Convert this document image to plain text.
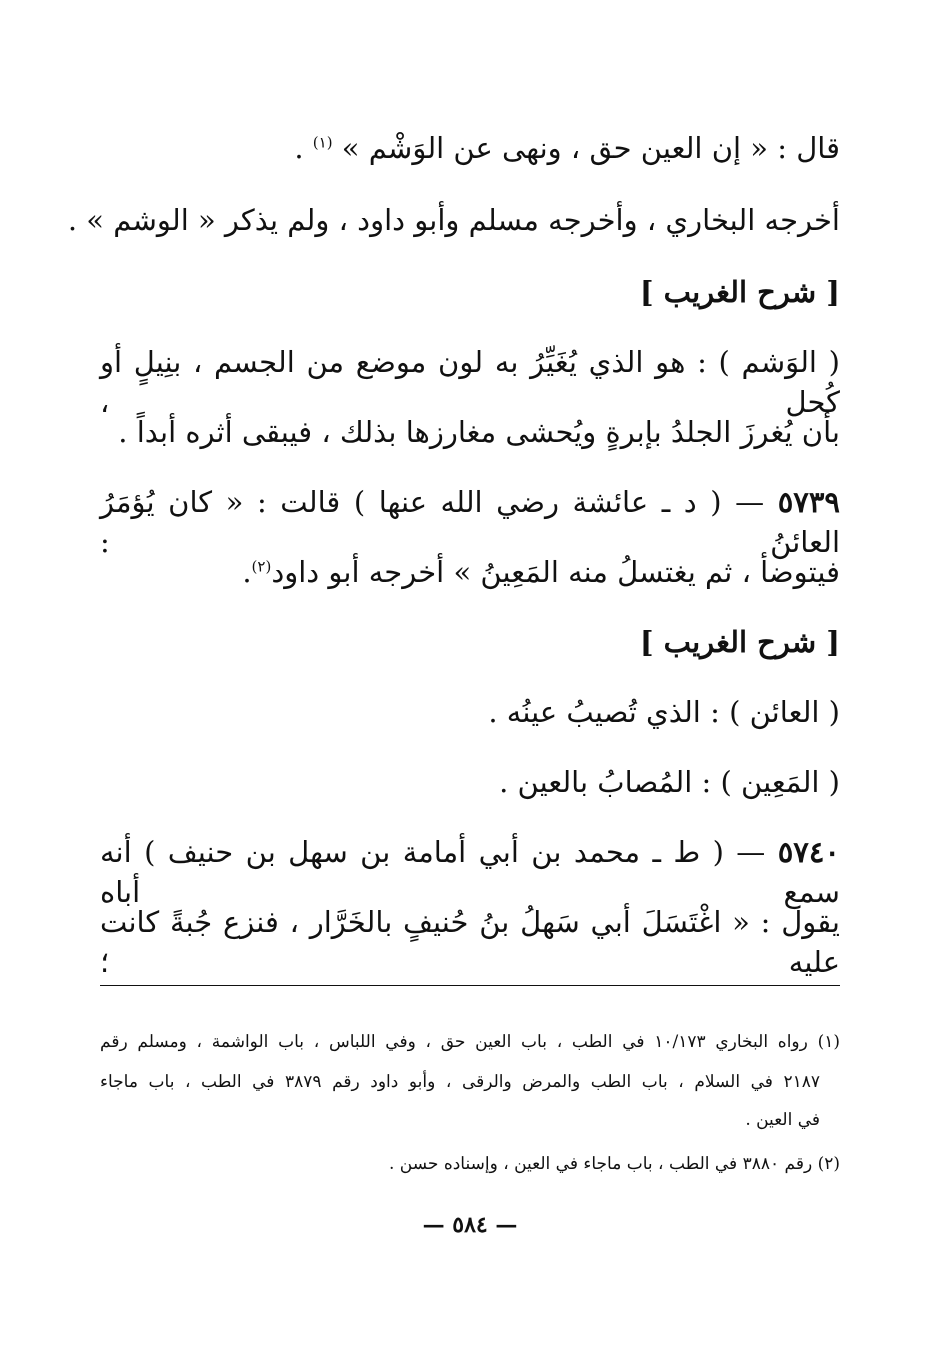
قال : « إن العين حق ، ونهى عن الوَشْم » $^{(١)}$ .
أخرجه البخاري ، وأخرجه مسلم وأبو داود ، ولم يذكر « الوشم » .
[ شرح الغريب ]
( الوَشم ) : هو الذي يُغَيِّرُ به لون موضع من الجسم ، بنِيلٍ أو كُحل ،
بأن يُغرزَ الجلدُ بإبرةٍ ويُحشى مغارزها بذلك ، فيبقى أثره أبداً .
٥٧٣٩ — ( د ـ عائشة رضي الله عنها ) قالت : « كان يُؤمَرُ العائنُ :
فيتوضأ ، ثم يغتسلُ منه المَعِينُ » أخرجه أبو داود$^{(٢)}$.
[ شرح الغريب ]
( العائن ) : الذي تُصيبُ عينُه .
( المَعِين ) : المُصابُ بالعين .
٥٧٤٠ — ( ط ـ محمد بن أبي أمامة بن سهل بن حنيف ) أنه سمع أباه
يقول : « اغْتَسَلَ أبي سَهلُ بنُ حُنيفٍ بالخَرَّار ، فنزع جُبةً كانت عليه ؛
(١) رواه البخاري ١٠/١٧٣ في الطب ، باب العين حق ، وفي اللباس ، باب الواشمة ، ومسلم رقم
٢١٨٧ في السلام ، باب الطب والمرض والرقى ، وأبو داود رقم ٣٨٧٩ في الطب ، باب ماجاء
في العين .
(٢) رقم ٣٨٨٠ في الطب ، باب ماجاء في العين ، وإسناده حسن .
— ٥٨٤ —
